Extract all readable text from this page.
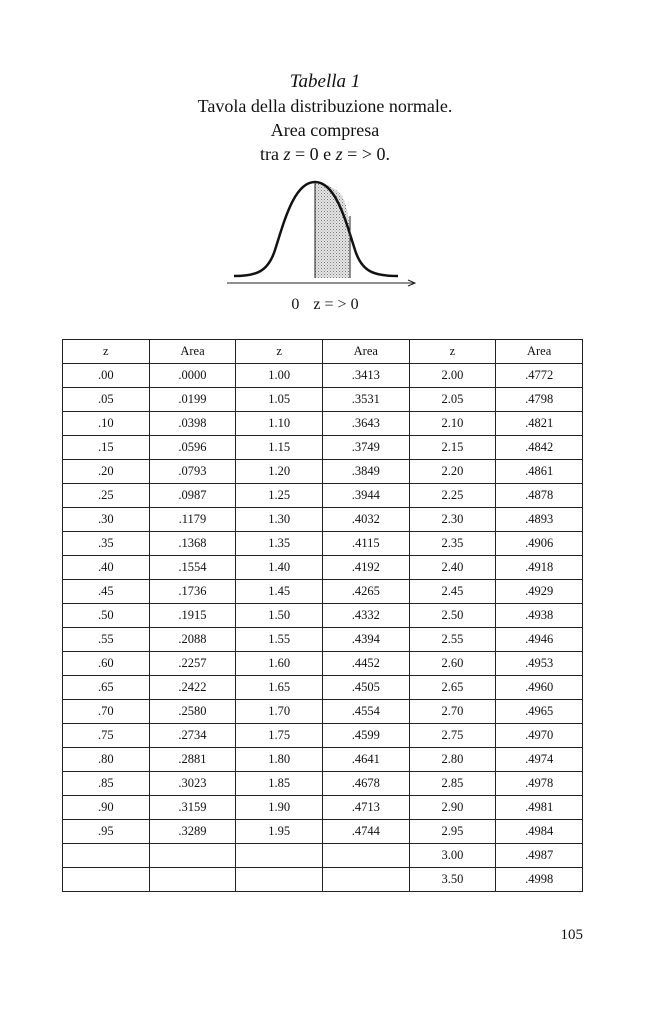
Tabella 1
Tavola della distribuzione normale.
Area compresa
tra z = 0 e z = > 0.
0 z = > 0
z	Area	z	Area	z	Area
.00	.0000	1.00	.3413	2.00	.4772
.05	.0199	1.05	.3531	2.05	.4798
.10	.0398	1.10	.3643	2.10	.4821
.15	.0596	1.15	.3749	2.15	.4842
.20	.0793	1.20	.3849	2.20	.4861
.25	.0987	1.25	.3944	2.25	.4878
.30	.1179	1.30	.4032	2.30	.4893
.35	.1368	1.35	.4115	2.35	.4906
.40	.1554	1.40	.4192	2.40	.4918
.45	.1736	1.45	.4265	2.45	.4929
.50	.1915	1.50	.4332	2.50	.4938
.55	.2088	1.55	.4394	2.55	.4946
.60	.2257	1.60	.4452	2.60	.4953
.65	.2422	1.65	.4505	2.65	.4960
.70	.2580	1.70	.4554	2.70	.4965
.75	.2734	1.75	.4599	2.75	.4970
.80	.2881	1.80	.4641	2.80	.4974
.85	.3023	1.85	.4678	2.85	.4978
.90	.3159	1.90	.4713	2.90	.4981
.95	.3289	1.95	.4744	2.95	.4984
				3.00	.4987
				3.50	.4998
105
